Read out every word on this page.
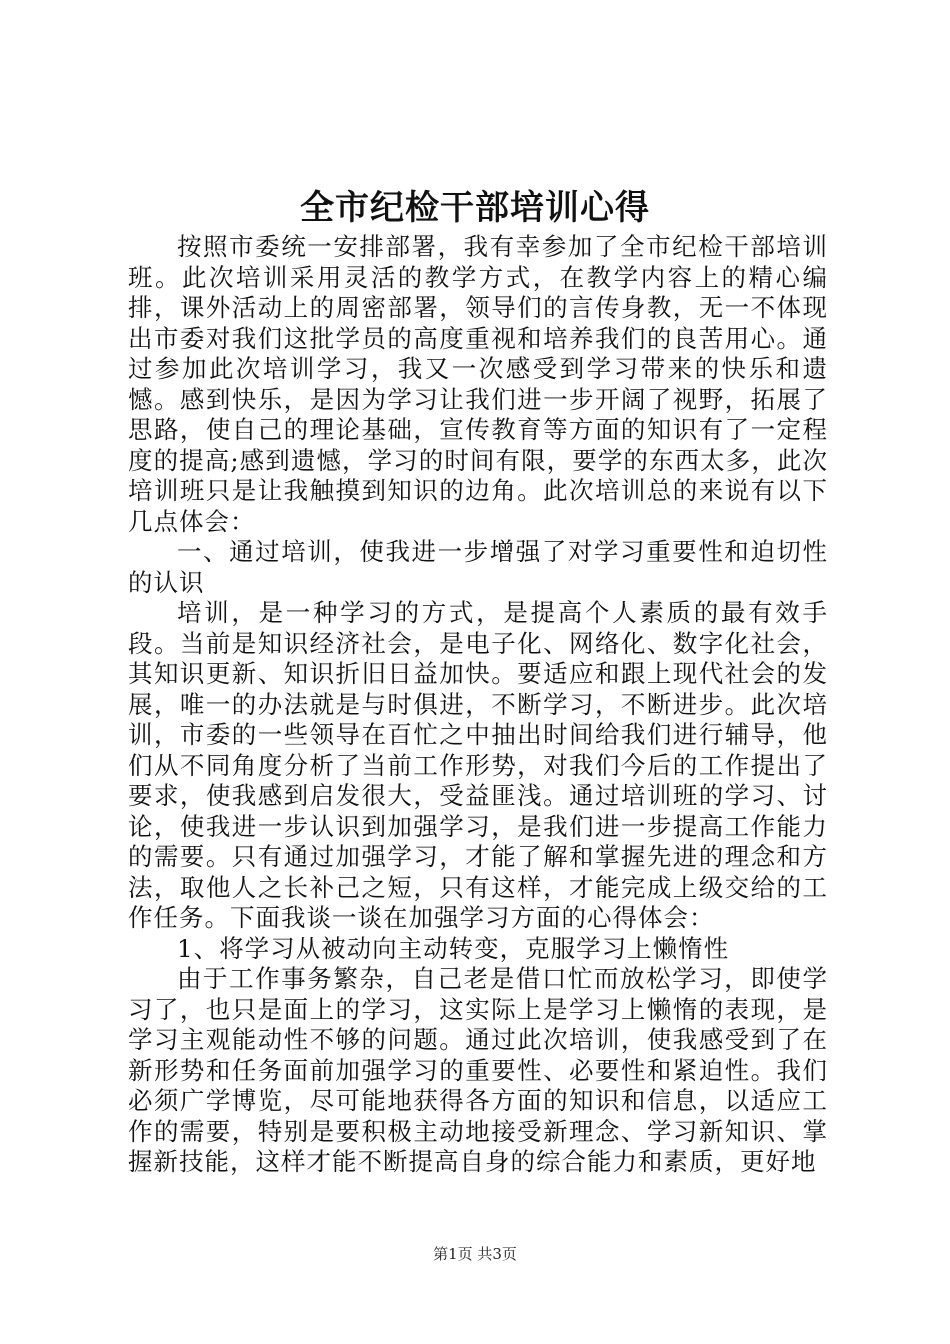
全市纪检干部培训心得

按照市委统一安排部署，我有幸参加了全市纪检干部培训班。此次培训采用灵活的教学方式，在教学内容上的精心编排，课外活动上的周密部署，领导们的言传身教，无一不体现出市委对我们这批学员的高度重视和培养我们的良苦用心。通过参加此次培训学习，我又一次感受到学习带来的快乐和遗憾。感到快乐，是因为学习让我们进一步开阔了视野，拓展了思路，使自己的理论基础，宣传教育等方面的知识有了一定程度的提高;感到遗憾，学习的时间有限，要学的东西太多，此次培训班只是让我触摸到知识的边角。此次培训总的来说有以下几点体会：

一、通过培训，使我进一步增强了对学习重要性和迫切性的认识

培训，是一种学习的方式，是提高个人素质的最有效手段。当前是知识经济社会，是电子化、网络化、数字化社会，其知识更新、知识折旧日益加快。要适应和跟上现代社会的发展，唯一的办法就是与时俱进，不断学习，不断进步。此次培训，市委的一些领导在百忙之中抽出时间给我们进行辅导，他们从不同角度分析了当前工作形势，对我们今后的工作提出了要求，使我感到启发很大，受益匪浅。通过培训班的学习、讨论，使我进一步认识到加强学习，是我们进一步提高工作能力的需要。只有通过加强学习，才能了解和掌握先进的理念和方法，取他人之长补己之短，只有这样，才能完成上级交给的工作任务。下面我谈一谈在加强学习方面的心得体会：

1、将学习从被动向主动转变，克服学习上懒惰性

由于工作事务繁杂，自己老是借口忙而放松学习，即使学习了，也只是面上的学习，这实际上是学习上懒惰的表现，是学习主观能动性不够的问题。通过此次培训，使我感受到了在新形势和任务面前加强学习的重要性、必要性和紧迫性。我们必须广学博览，尽可能地获得各方面的知识和信息，以适应工作的需要，特别是要积极主动地接受新理念、学习新知识、掌握新技能，这样才能不断提高自身的综合能力和素质，更好地

第1页 共3页
